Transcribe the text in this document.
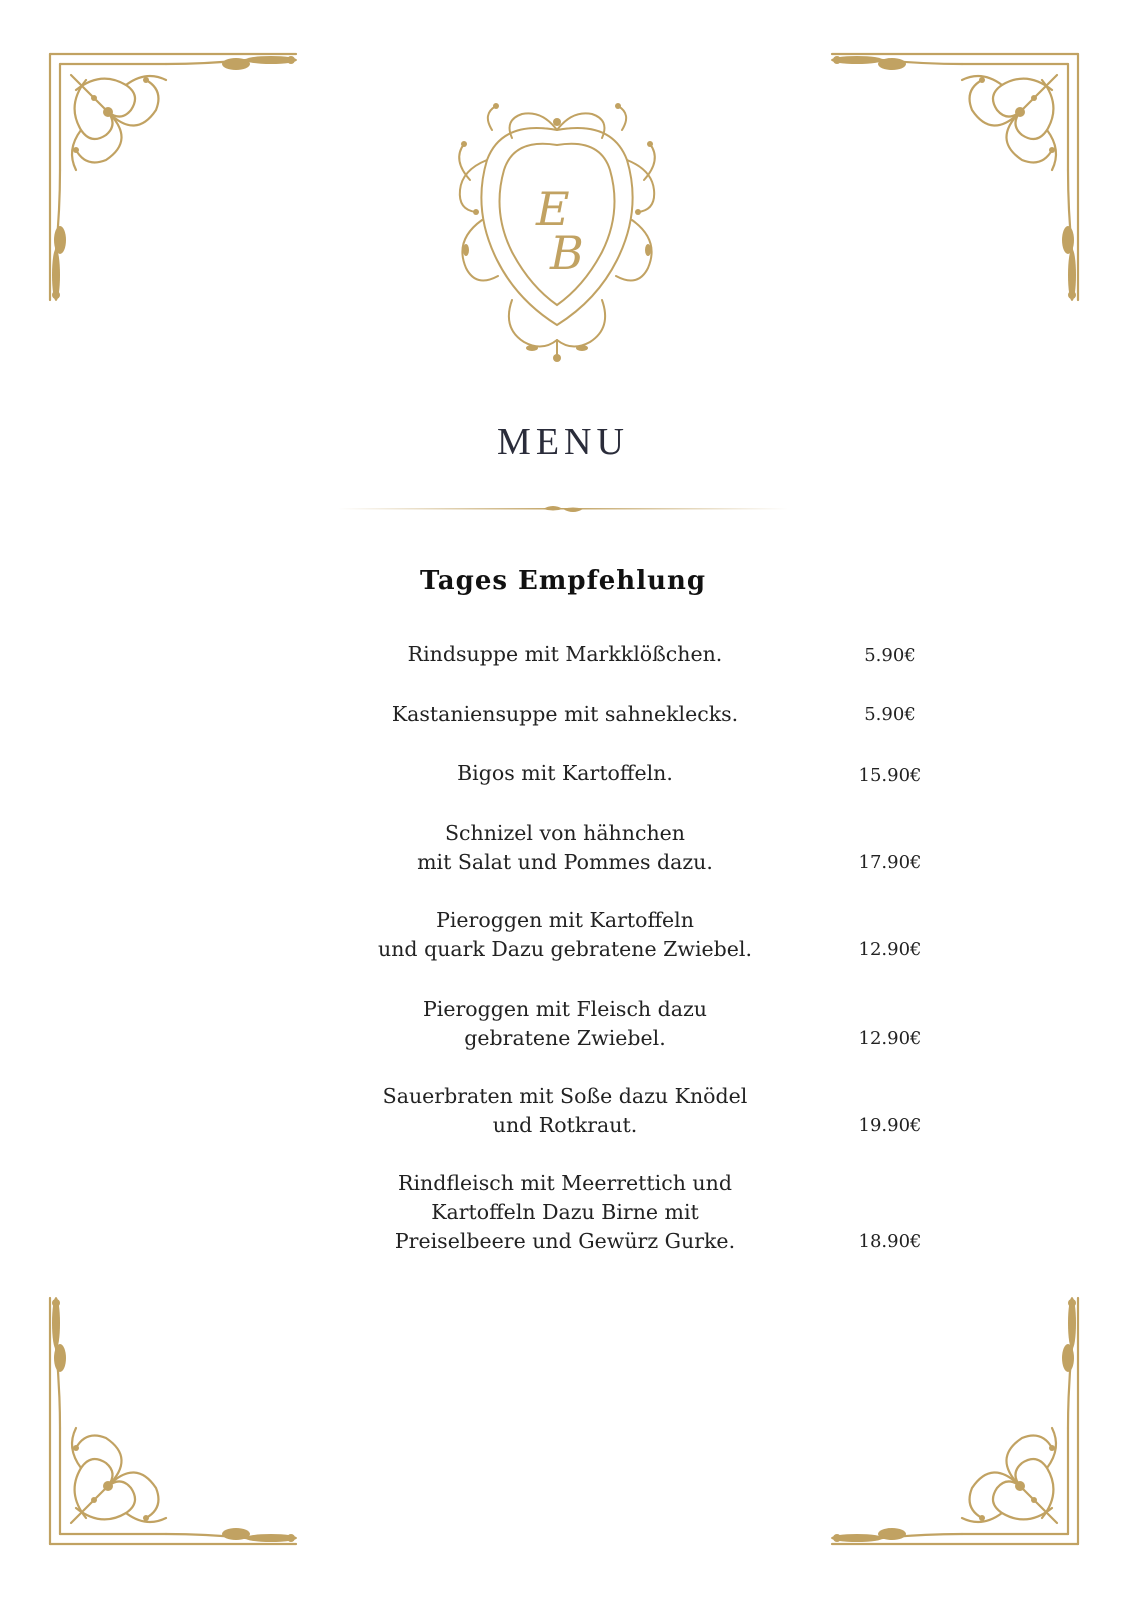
E
B
MENU
Tages Empfehlung
Rindsuppe mit Markklößchen.	5.90€
Kastaniensuppe mit sahneklecks.	5.90€
Bigos mit Kartoffeln.	15.90€
Schnizel von hähnchen
mit Salat und Pommes dazu.	17.90€
Pieroggen mit Kartoffeln
und quark Dazu gebratene Zwiebel.	12.90€
Pieroggen mit Fleisch dazu
gebratene Zwiebel.	12.90€
Sauerbraten mit Soße dazu Knödel
und Rotkraut.	19.90€
Rindfleisch mit Meerrettich und
Kartoffeln Dazu Birne mit
Preiselbeere und Gewürz Gurke.	18.90€
